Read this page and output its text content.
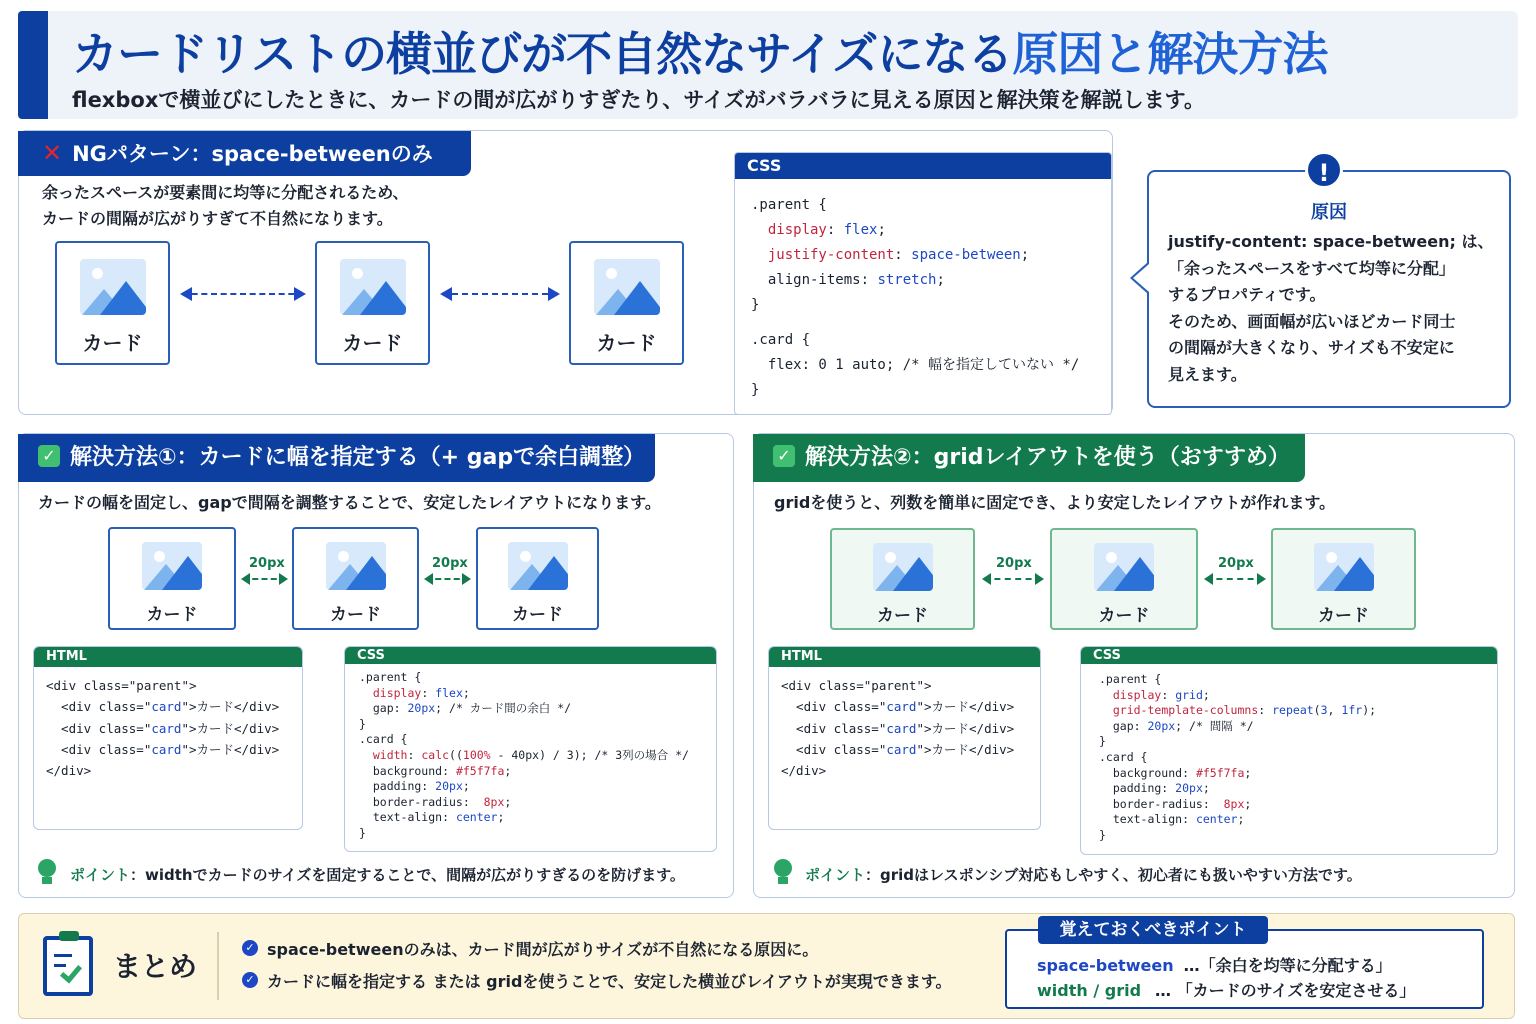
カードリストの横並びが不自然なサイズになる原因と解決方法
flexboxで横並びにしたときに、カードの間が広がりすぎたり、サイズがバラバラに見える原因と解決策を解説します。
✕ NGパターン：space-betweenのみ
余ったスペースが要素間に均等に分配されるため、
カードの間隔が広がりすぎて不自然になります。
カード	カード	カード
CSS
.parent {
display: flex;
justify-content: space-between;
align-items: stretch;
}

.card {
flex: 0 1 auto; /* 幅を指定していない */
}
!
原因
justify-content: space-between; は、
「余ったスペースをすべて均等に分配」
するプロパティです。
そのため、画面幅が広いほどカード同士
の間隔が大きくなり、サイズも不安定に
見えます。
✓ 解決方法①：カードに幅を指定する（+ gapで余白調整）
カードの幅を固定し、gapで間隔を調整することで、安定したレイアウトになります。
カード
20px
カード
20px
カード
HTML
<div class="parent">
<div class="card">カード</div>
<div class="card">カード</div>
<div class="card">カード</div>
</div>
CSS
.parent {
display: flex;
gap: 20px; /* カード間の余白 */
}
.card {
width: calc((100% - 40px) / 3); /* 3列の場合 */
background: #f5f7fa;
padding: 20px;
border-radius:  8px;
text-align: center;
}
ポイント：widthでカードのサイズを固定することで、間隔が広がりすぎるのを防げます。
✓ 解決方法②：gridレイアウトを使う（おすすめ）
gridを使うと、列数を簡単に固定でき、より安定したレイアウトが作れます。
カード
20px
カード
20px
カード
HTML
<div class="parent">
<div class="card">カード</div>
<div class="card">カード</div>
<div class="card">カード</div>
</div>
CSS
.parent {
display: grid;
grid-template-columns: repeat(3, 1fr);
gap: 20px; /* 間隔 */
}
.card {
background: #f5f7fa;
padding: 20px;
border-radius:  8px;
text-align: center;
}
ポイント：gridはレスポンシブ対応もしやすく、初心者にも扱いやすい方法です。
まとめ
✓ space-betweenのみは、カード間が広がりサイズが不自然になる原因に。
✓ カードに幅を指定する または gridを使うことで、安定した横並びレイアウトが実現できます。
覚えておくべきポイント
space-between …「余白を均等に分配する」
width / grid … 「カードのサイズを安定させる」
